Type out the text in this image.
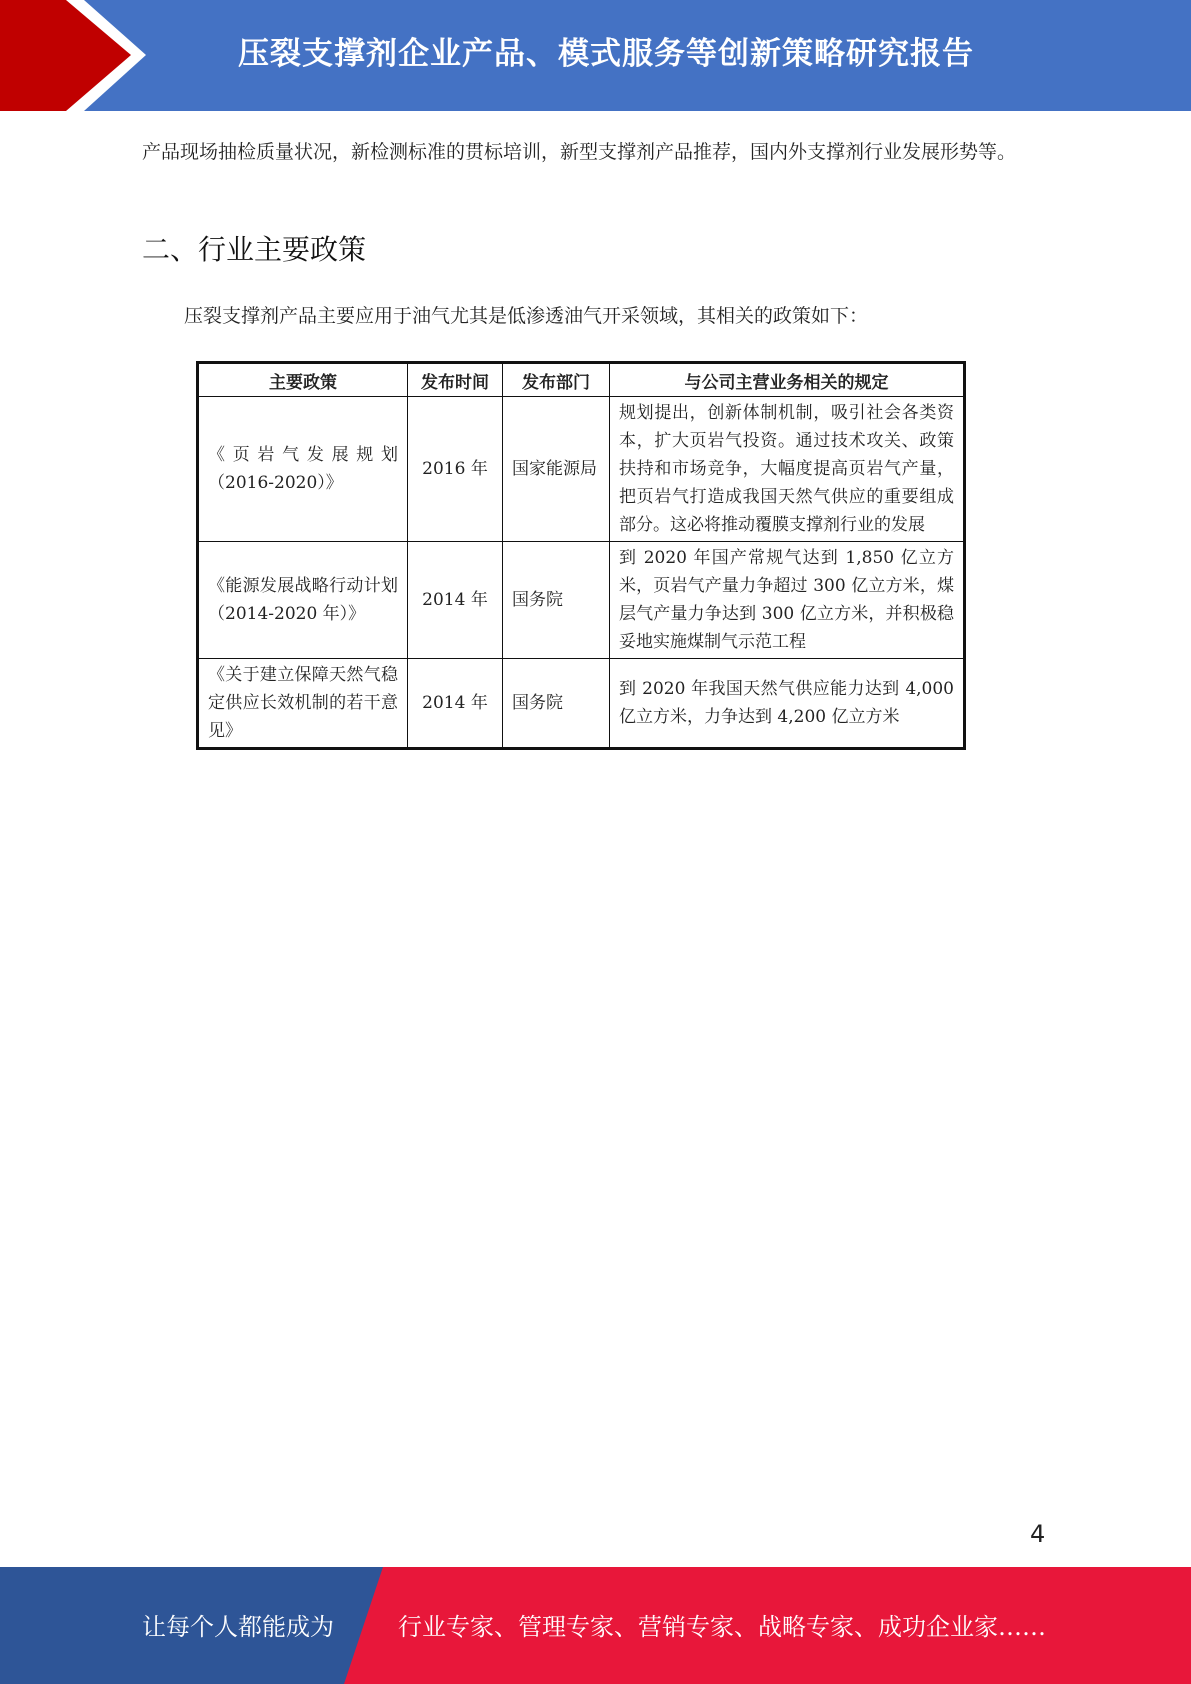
压裂支撑剂企业产品、模式服务等创新策略研究报告
产品现场抽检质量状况，新检测标准的贯标培训，新型支撑剂产品推荐，国内外支撑剂行业发展形势等。
二、行业主要政策
压裂支撑剂产品主要应用于油气尤其是低渗透油气开采领域，其相关的政策如下：
主要政策	发布时间	发布部门	与公司主营业务相关的规定
《页岩气发展规划（2016-2020）》	2016 年	国家能源局	规划提出，创新体制机制，吸引社会各类资本，扩大页岩气投资。通过技术攻关、政策扶持和市场竞争，大幅度提高页岩气产量，把页岩气打造成我国天然气供应的重要组成部分。这必将推动覆膜支撑剂行业的发展
《能源发展战略行动计划（2014-2020 年）》	2014 年	国务院	到 2020 年国产常规气达到 1,850 亿立方米，页岩气产量力争超过 300 亿立方米，煤层气产量力争达到 300 亿立方米，并积极稳妥地实施煤制气示范工程
《关于建立保障天然气稳定供应长效机制的若干意见》	2014 年	国务院	到 2020 年我国天然气供应能力达到 4,000 亿立方米，力争达到 4,200 亿立方米
4
让每个人都能成为	行业专家、管理专家、营销专家、战略专家、成功企业家……
